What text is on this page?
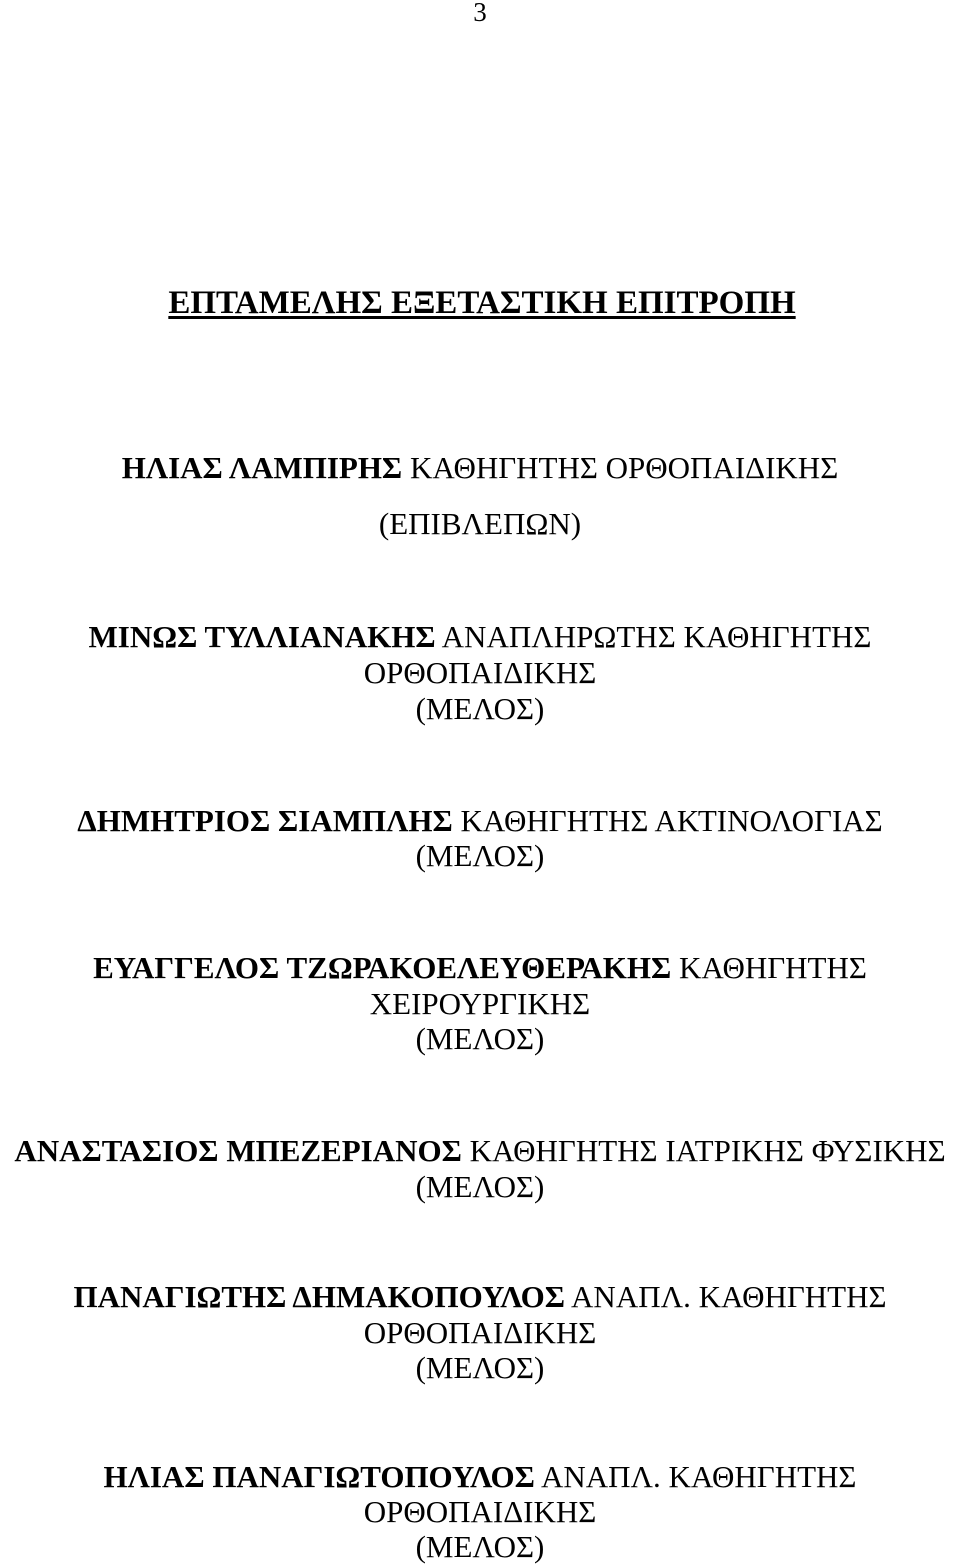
3
ΕΠΤΑΜΕΛΗΣ ΕΞΕΤΑΣΤΙΚΗ ΕΠΙΤΡΟΠΗ
ΗΛΙΑΣ ΛΑΜΠΙΡΗΣ ΚΑΘΗΓΗΤΗΣ ΟΡΘΟΠΑΙΔΙΚΗΣ
(ΕΠΙΒΛΕΠΩΝ)
ΜΙΝΩΣ ΤΥΛΛΙΑΝΑΚΗΣ ΑΝΑΠΛΗΡΩΤΗΣ ΚΑΘΗΓΗΤΗΣ
ΟΡΘΟΠΑΙΔΙΚΗΣ
(ΜΕΛΟΣ)
ΔΗΜΗΤΡΙΟΣ ΣΙΑΜΠΛΗΣ ΚΑΘΗΓΗΤΗΣ ΑΚΤΙΝΟΛΟΓΙΑΣ
(ΜΕΛΟΣ)
ΕΥΑΓΓΕΛΟΣ ΤΖΩΡΑΚΟΕΛΕΥΘΕΡΑΚΗΣ ΚΑΘΗΓΗΤΗΣ
ΧΕΙΡΟΥΡΓΙΚΗΣ
(ΜΕΛΟΣ)
ΑΝΑΣΤΑΣΙΟΣ ΜΠΕΖΕΡΙΑΝΟΣ ΚΑΘΗΓΗΤΗΣ ΙΑΤΡΙΚΗΣ ΦΥΣΙΚΗΣ
(ΜΕΛΟΣ)
ΠΑΝΑΓΙΩΤΗΣ ΔΗΜΑΚΟΠΟΥΛΟΣ ΑΝΑΠΛ. ΚΑΘΗΓΗΤΗΣ
ΟΡΘΟΠΑΙΔΙΚΗΣ
(ΜΕΛΟΣ)
ΗΛΙΑΣ ΠΑΝΑΓΙΩΤΟΠΟΥΛΟΣ ΑΝΑΠΛ. ΚΑΘΗΓΗΤΗΣ
ΟΡΘΟΠΑΙΔΙΚΗΣ
(ΜΕΛΟΣ)
